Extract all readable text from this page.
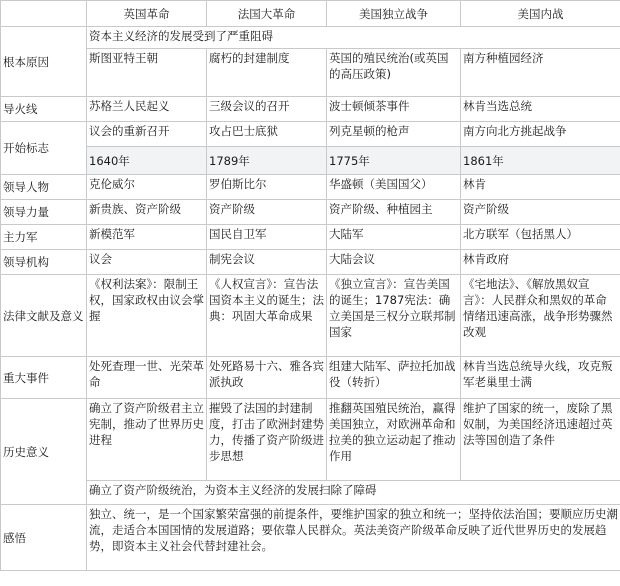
	英国革命	法国大革命	美国独立战争	美国内战
根本原因	资本主义经济的发展受到了严重阻碍			
	斯图亚特王朝	腐朽的封建制度	英国的殖民统治(或英国的高压政策)	南方种植园经济
导火线	苏格兰人民起义	三级会议的召开	波士顿倾茶事件	林肯当选总统
开始标志	议会的重新召开	攻占巴士底狱	列克星顿的枪声	南方向北方挑起战争
	1640年	1789年	1775年	1861年
领导人物	克伦威尔	罗伯斯比尔	华盛顿（美国国父）	林肯
领导力量	新贵族、资产阶级	资产阶级	资产阶级、种植园主	资产阶级
主力军	新模范军	国民自卫军	大陆军	北方联军（包括黑人）
领导机构	议会	制宪会议	大陆会议	林肯政府
法律文献及意义	《权利法案》：限制王权，国家政权由议会掌握	《人权宣言》：宣告法国资本主义的诞生；法典：巩固大革命成果	《独立宣言》：宣告美国的诞生；1787宪法：确立美国是三权分立联邦制国家	《宅地法》、《解放黑奴宣言》：人民群众和黑奴的革命情绪迅速高涨，战争形势骤然改观
重大事件	处死查理一世、光荣革命	处死路易十六、雅各宾派执政	组建大陆军、萨拉托加战役（转折）	林肯当选总统导火线，攻克叛军老巢里士满
历史意义	确立了资产阶级君主立宪制，推动了世界历史进程	摧毁了法国的封建制度，打击了欧洲封建势力，传播了资产阶级进步思想	推翻英国殖民统治，赢得美国独立，对欧洲革命和拉美的独立运动起了推动作用	维护了国家的统一，废除了黑奴制，为美国经济迅速超过英法等国创造了条件
	确立了资产阶级统治，为资本主义经济的发展扫除了障碍			
感悟	独立、统一，是一个国家繁荣富强的前提条件，要维护国家的独立和统一；坚持依法治国；要顺应历史潮流，走适合本国国情的发展道路；要依靠人民群众。英法美资产阶级革命反映了近代世界历史的发展趋势，即资本主义社会代替封建社会。			
